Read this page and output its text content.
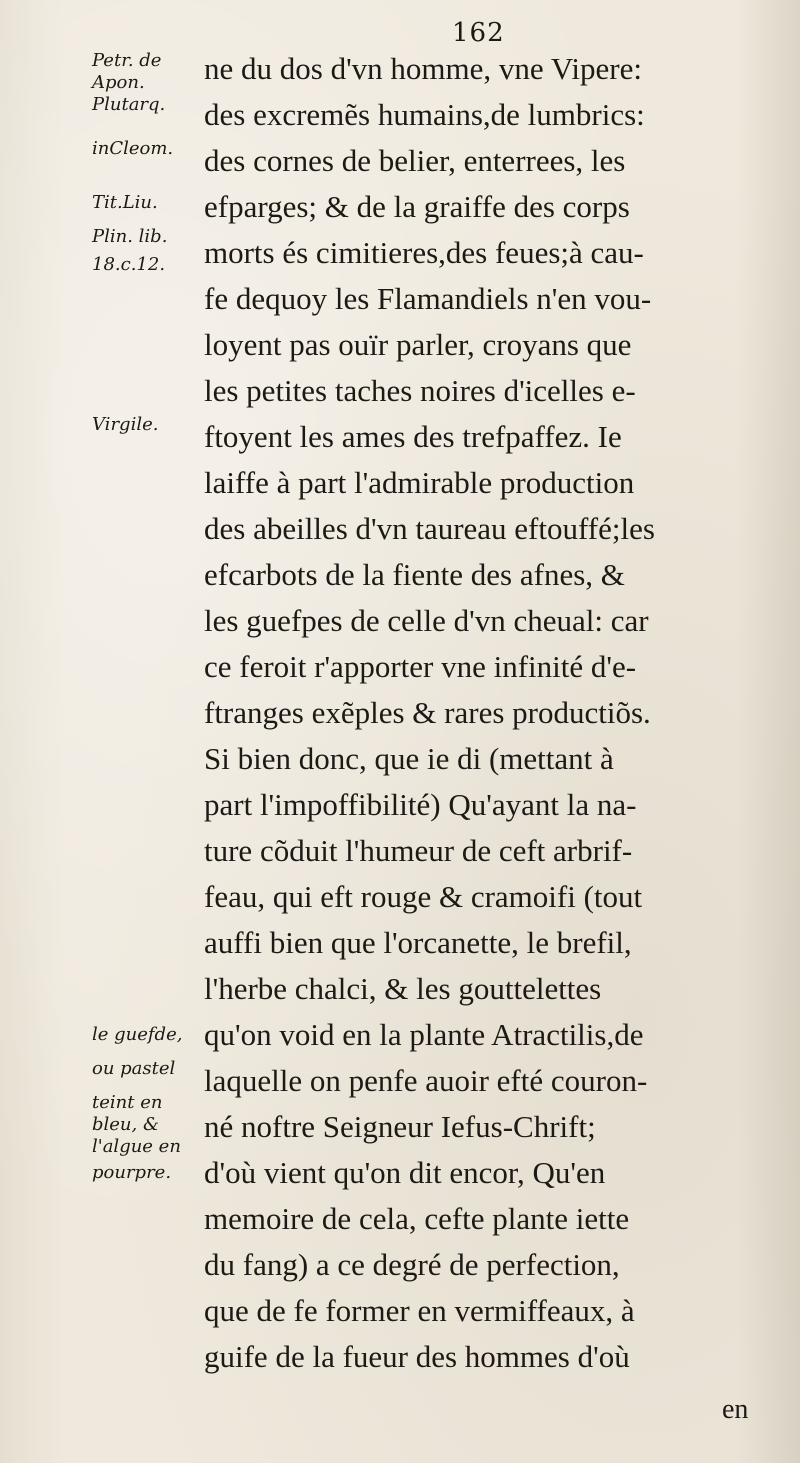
162
Petr. de
Apon.
Plutarq.
inCleom.
Tit.Liu.
Plin. lib.
18.c.12.
Virgile.
le guefde,
ou pastel
teint en
bleu, &
l'algue en
pourpre.
ne du dos d'vn homme, vne Vipere:
des excremẽs humains,de lumbrics:
des cornes de belier, enterrees, les
efparges; & de la graiffe des corps
morts és cimitieres,des feues;à cau-
fe dequoy les Flamandiels n'en vou-
loyent pas ouïr parler, croyans que
les petites taches noires d'icelles e-
ftoyent les ames des trefpaffez. Ie
laiffe à part l'admirable production
des abeilles d'vn taureau eftouffé;les
efcarbots de la fiente des afnes, &
les guefpes de celle d'vn cheual: car
ce feroit r'apporter vne infinité d'e-
ftranges exẽples & rares productiõs.
Si bien donc, que ie di (mettant à
part l'impoffibilité) Qu'ayant la na-
ture cõduit l'humeur de ceft arbrif-
feau, qui eft rouge & cramoifi (tout
auffi bien que l'orcanette, le brefil,
l'herbe chalci, & les gouttelettes
qu'on void en la plante Atractilis,de
laquelle on penfe auoir efté couron-
né noftre Seigneur Iefus-Chrift;
d'où vient qu'on dit encor, Qu'en
memoire de cela, cefte plante iette
du fang) a ce degré de perfection,
que de fe former en vermiffeaux, à
guife de la fueur des hommes d'où
en
